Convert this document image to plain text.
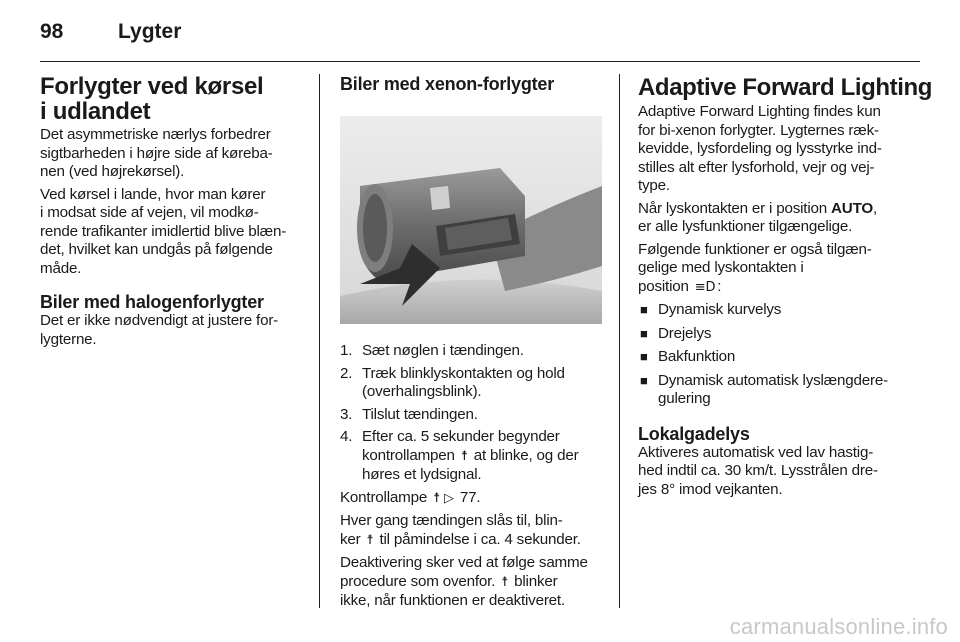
98	Lygter
Forlygter ved kørsel
i udlandet
Det asymmetriske nærlys forbedrer
sigtbarheden i højre side af køreba-
nen (ved højrekørsel).
Ved kørsel i lande, hvor man kører
i modsat side af vejen, vil modkø-
rende trafikanter imidlertid blive blæn-
det, hvilket kan undgås på følgende
måde.
Biler med halogenforlygter
Det er ikke nødvendigt at justere for-
lygterne.
Biler med xenon-forlygter
1. Sæt nøglen i tændingen.
2. Træk blinklyskontakten og hold
(overhalingsblink).
3. Tilslut tændingen.
4. Efter ca. 5 sekunder begynder
kontrollampen ☨ at blinke, og der
høres et lydsignal.
Kontrollampe ☨ ▷ 77.
Hver gang tændingen slås til, blin-
ker ☨ til påmindelse i ca. 4 sekunder.
Deaktivering sker ved at følge samme
procedure som ovenfor. ☨ blinker
ikke, når funktionen er deaktiveret.
Adaptive Forward Lighting
Adaptive Forward Lighting findes kun
for bi-xenon forlygter. Lygternes ræk-
kevidde, lysfordeling og lysstyrke ind-
stilles alt efter lysforhold, vejr og vej-
type.
Når lyskontakten er i position AUTO,
er alle lysfunktioner tilgængelige.
Følgende funktioner er også tilgæn-
gelige med lyskontakten i
position ≡D :
■ Dynamisk kurvelys
■ Drejelys
■ Bakfunktion
■ Dynamisk automatisk lyslængdere-
gulering
Lokalgadelys
Aktiveres automatisk ved lav hastig-
hed indtil ca. 30 km/t. Lysstrålen dre-
jes 8° imod vejkanten.
carmanualsonline.info
